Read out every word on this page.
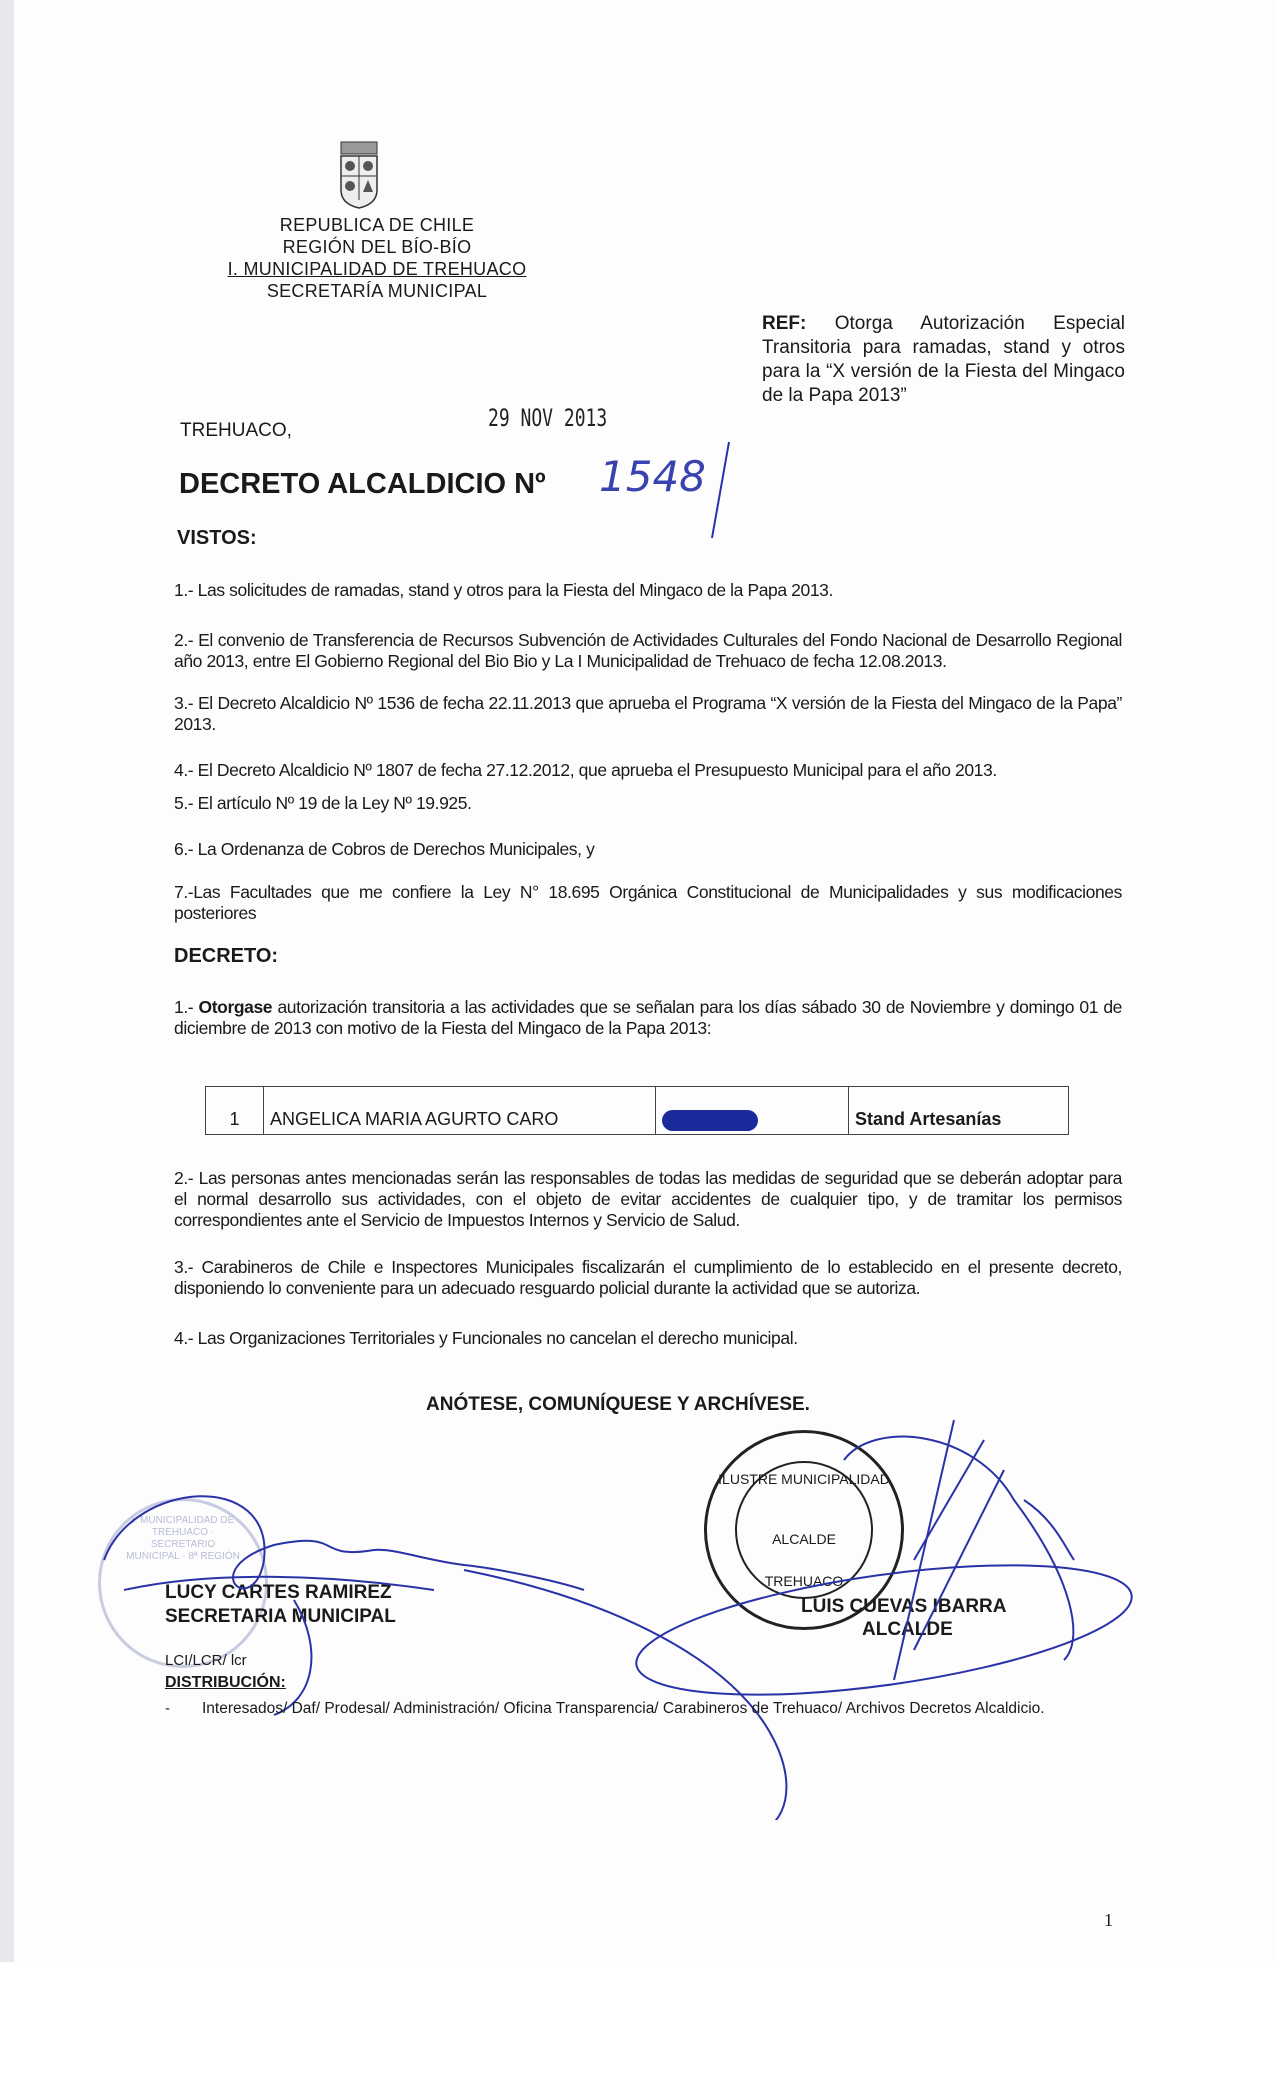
REPUBLICA DE CHILE
REGIÓN DEL BÍO-BÍO
I. MUNICIPALIDAD DE TREHUACO
SECRETARÍA MUNICIPAL
REF: Otorga Autorización Especial Transitoria para ramadas, stand y otros para la “X versión de la Fiesta del Mingaco de la Papa 2013”
TREHUACO,	29 NOV 2013
DECRETO ALCALDICIO Nº 1548
VISTOS:
1.- Las solicitudes de ramadas, stand y otros para la Fiesta del Mingaco de la Papa 2013.
2.- El convenio de Transferencia de Recursos Subvención de Actividades Culturales del Fondo Nacional de Desarrollo Regional año 2013, entre El Gobierno Regional del Bio Bio y La I Municipalidad de Trehuaco de fecha 12.08.2013.
3.- El Decreto Alcaldicio Nº 1536 de fecha 22.11.2013 que aprueba el Programa “X versión de la Fiesta del Mingaco de la Papa” 2013.
4.- El Decreto Alcaldicio Nº 1807 de fecha 27.12.2012, que aprueba el Presupuesto Municipal para el año 2013.
5.- El artículo Nº 19 de la Ley Nº 19.925.
6.- La Ordenanza de Cobros de Derechos Municipales, y
7.-Las Facultades que me confiere la Ley N° 18.695 Orgánica Constitucional de Municipalidades y sus modificaciones posteriores
DECRETO:
1.- Otorgase autorización transitoria a las actividades que se señalan para los días sábado 30 de Noviembre y domingo 01 de diciembre de 2013 con motivo de la Fiesta del Mingaco de la Papa 2013:
1	ANGELICA MARIA AGURTO CARO	18.131.634-9	Stand Artesanías
2.- Las personas antes mencionadas serán las responsables de todas las medidas de seguridad que se deberán adoptar para el normal desarrollo sus actividades, con el objeto de evitar accidentes de cualquier tipo, y de tramitar los permisos correspondientes ante el Servicio de Impuestos Internos y Servicio de Salud.
3.- Carabineros de Chile e Inspectores Municipales fiscalizarán el cumplimiento de lo establecido en el presente decreto, disponiendo lo conveniente para un adecuado resguardo policial durante la actividad que se autoriza.
4.- Las Organizaciones Territoriales y Funcionales no cancelan el derecho municipal.
ANÓTESE, COMUNÍQUESE Y ARCHÍVESE.
I. MUNICIPALIDAD DE TREHUACO · SECRETARIO MUNICIPAL · 8ª REGIÓN
LUCY CARTES RAMIREZ
SECRETARIA MUNICIPAL
ILUSTRE MUNICIPALIDAD
ALCALDE
TREHUACO
LUIS CUEVAS IBARRA
ALCALDE
LCI/LCR/ lcr
DISTRIBUCIÓN:
- Interesados/ Daf/ Prodesal/ Administración/ Oficina Transparencia/ Carabineros de Trehuaco/ Archivos Decretos Alcaldicio.
1
